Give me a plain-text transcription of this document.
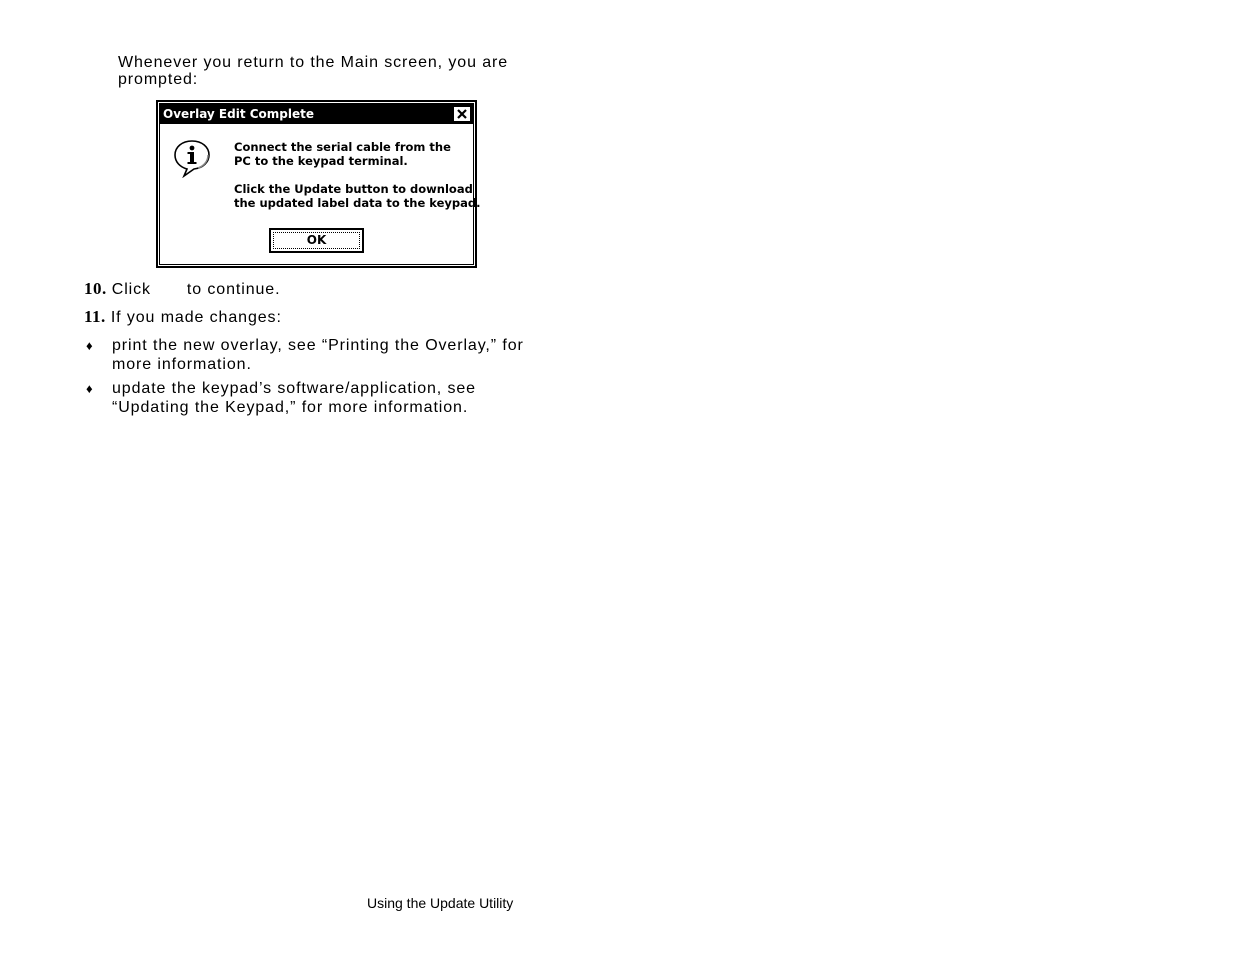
Whenever you return to the Main screen, you are prompted:

Overlay Edit Complete
Connect the serial cable from the
PC to the keypad terminal.
Click the Update button to download
the updated label data to the keypad.
OK
10. Click to continue.
11. If you made changes:
♦ print the new overlay, see “Printing the Overlay,” for more information.

♦ update the keypad’s software/application, see “Updating the Keypad,” for more information.

Using the Update Utility
